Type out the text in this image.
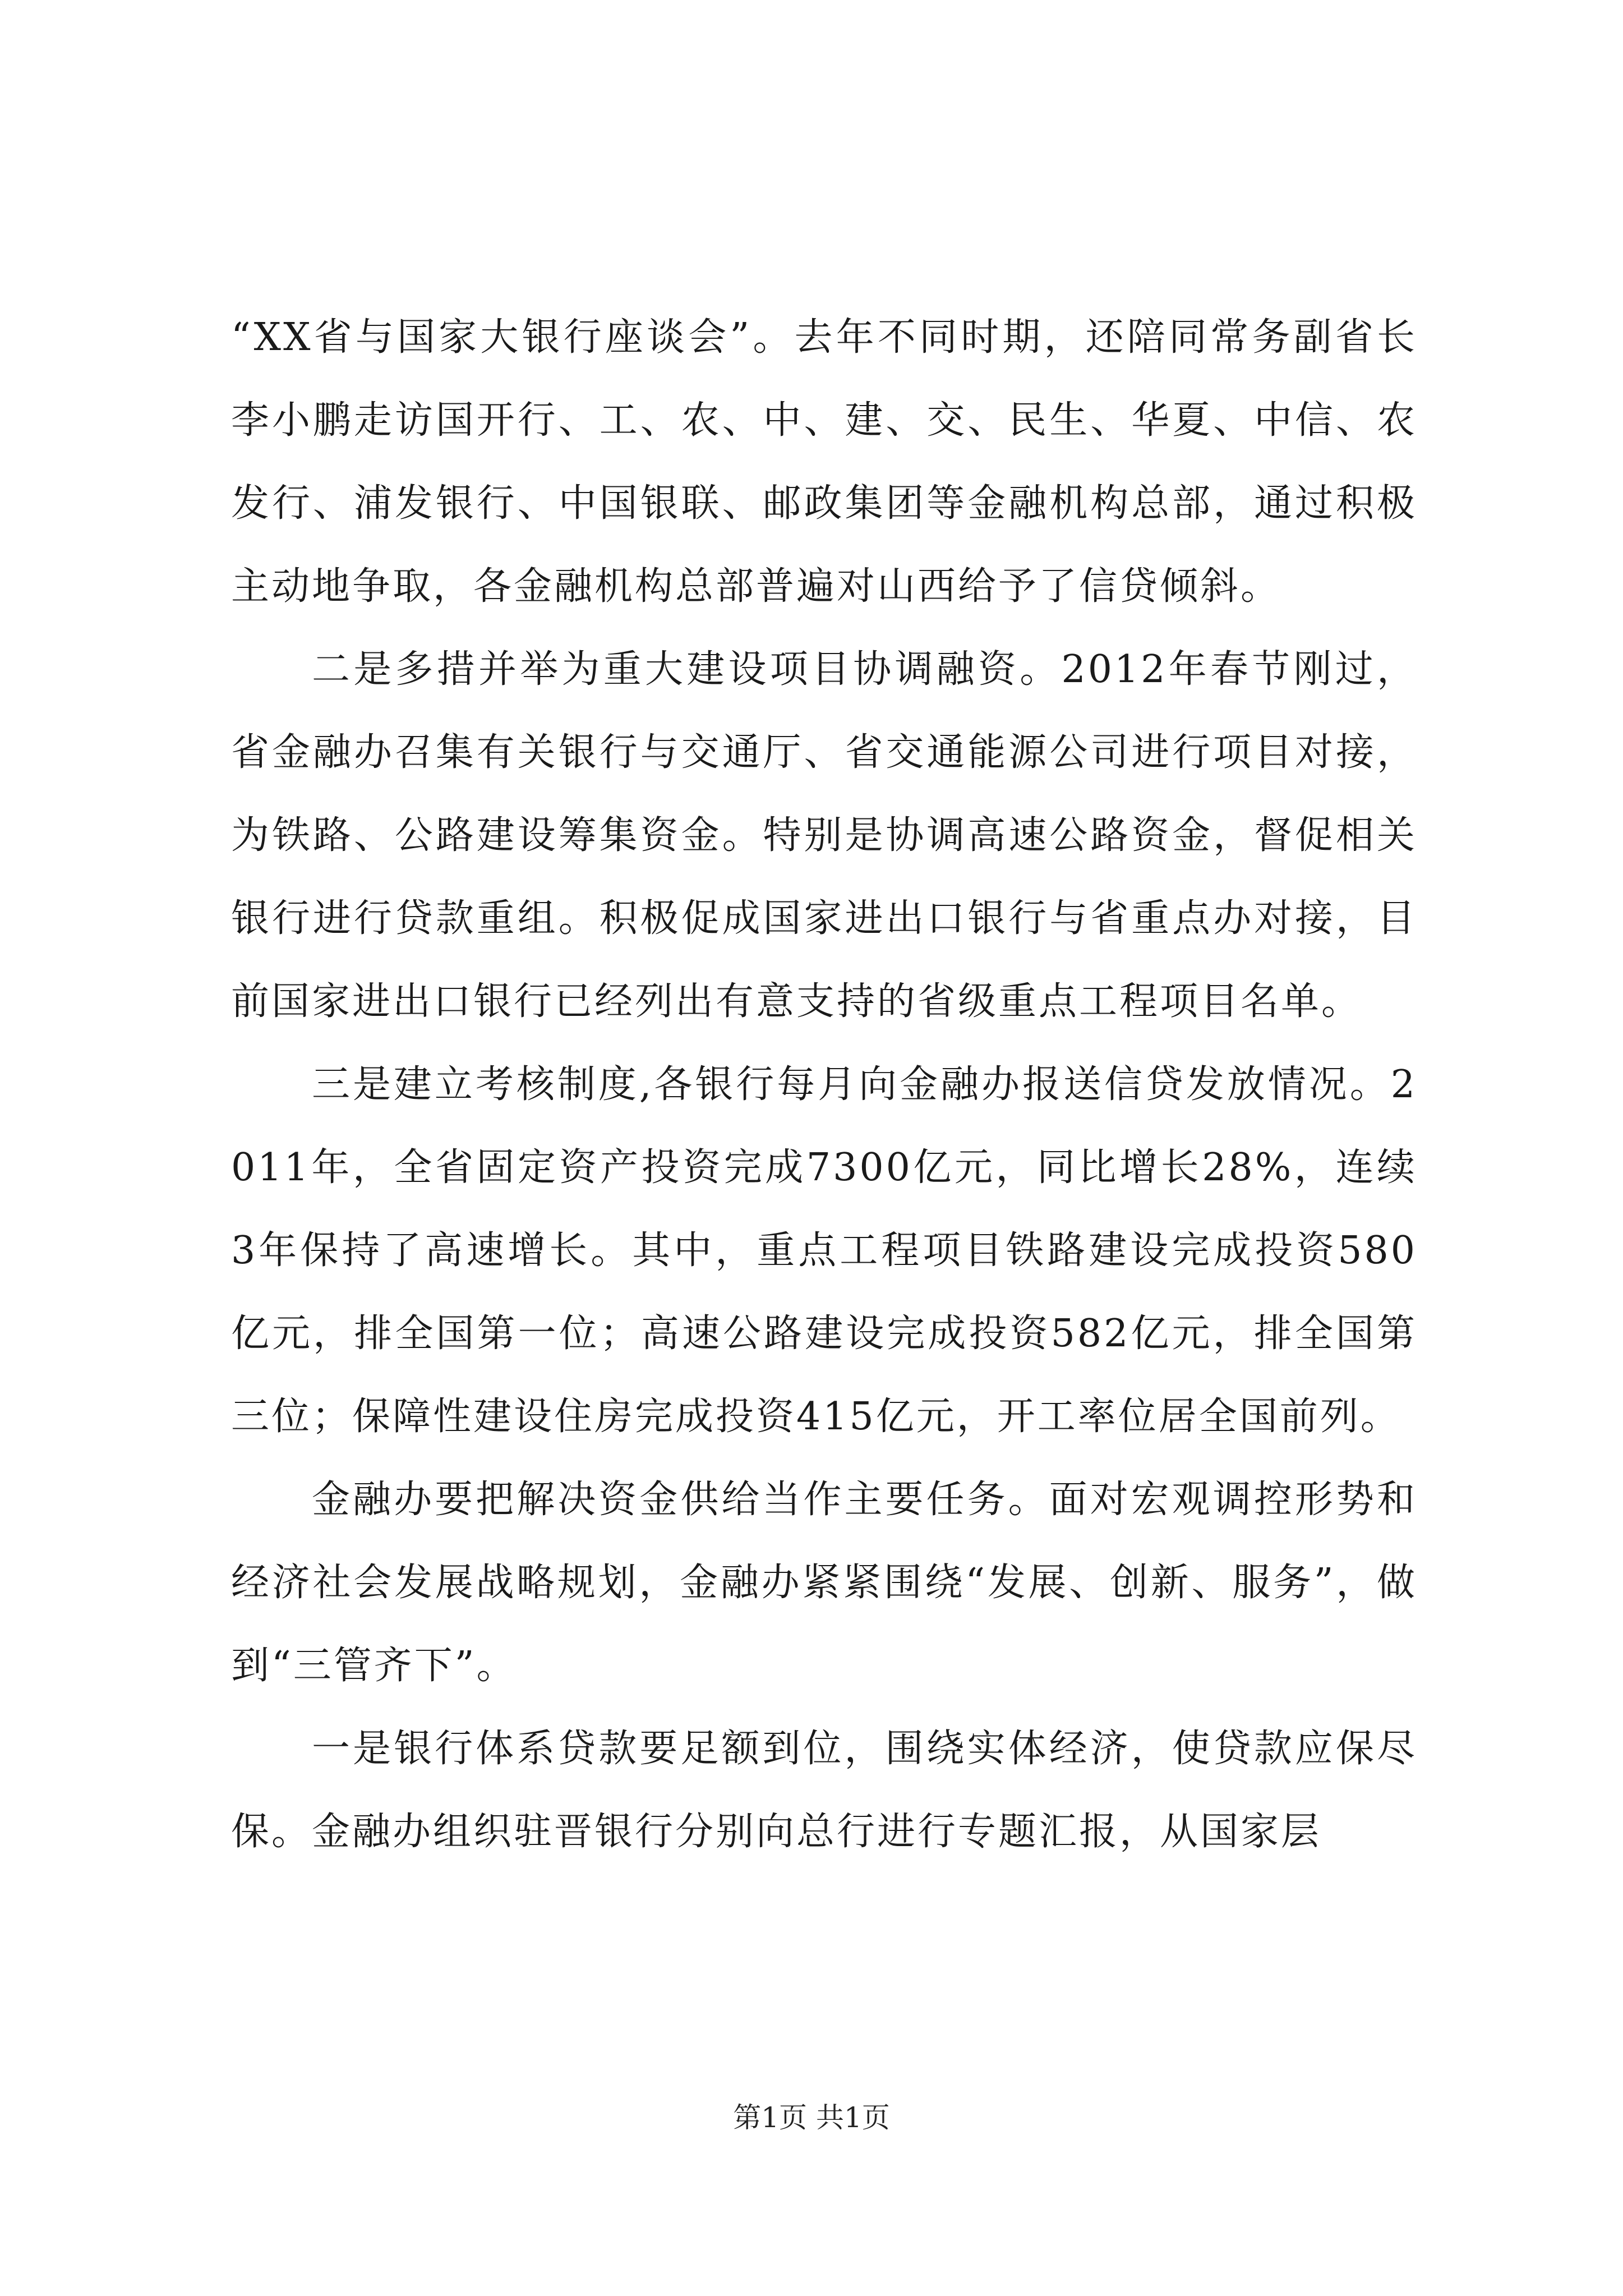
“XX省与国家大银行座谈会”。去年不同时期，还陪同常务副省长李小鹏走访国开行、工、农、中、建、交、民生、华夏、中信、农发行、浦发银行、中国银联、邮政集团等金融机构总部，通过积极主动地争取，各金融机构总部普遍对山西给予了信贷倾斜。

二是多措并举为重大建设项目协调融资。2012年春节刚过，省金融办召集有关银行与交通厅、省交通能源公司进行项目对接，为铁路、公路建设筹集资金。特别是协调高速公路资金，督促相关银行进行贷款重组。积极促成国家进出口银行与省重点办对接，目前国家进出口银行已经列出有意支持的省级重点工程项目名单。

三是建立考核制度,各银行每月向金融办报送信贷发放情况。2011年，全省固定资产投资完成7300亿元，同比增长28%，连续3年保持了高速增长。其中，重点工程项目铁路建设完成投资580亿元，排全国第一位；高速公路建设完成投资582亿元，排全国第三位；保障性建设住房完成投资415亿元，开工率位居全国前列。

金融办要把解决资金供给当作主要任务。面对宏观调控形势和经济社会发展战略规划，金融办紧紧围绕“发展、创新、服务”，做到“三管齐下”。

一是银行体系贷款要足额到位，围绕实体经济，使贷款应保尽保。金融办组织驻晋银行分别向总行进行专题汇报，从国家层

第1页 共1页
